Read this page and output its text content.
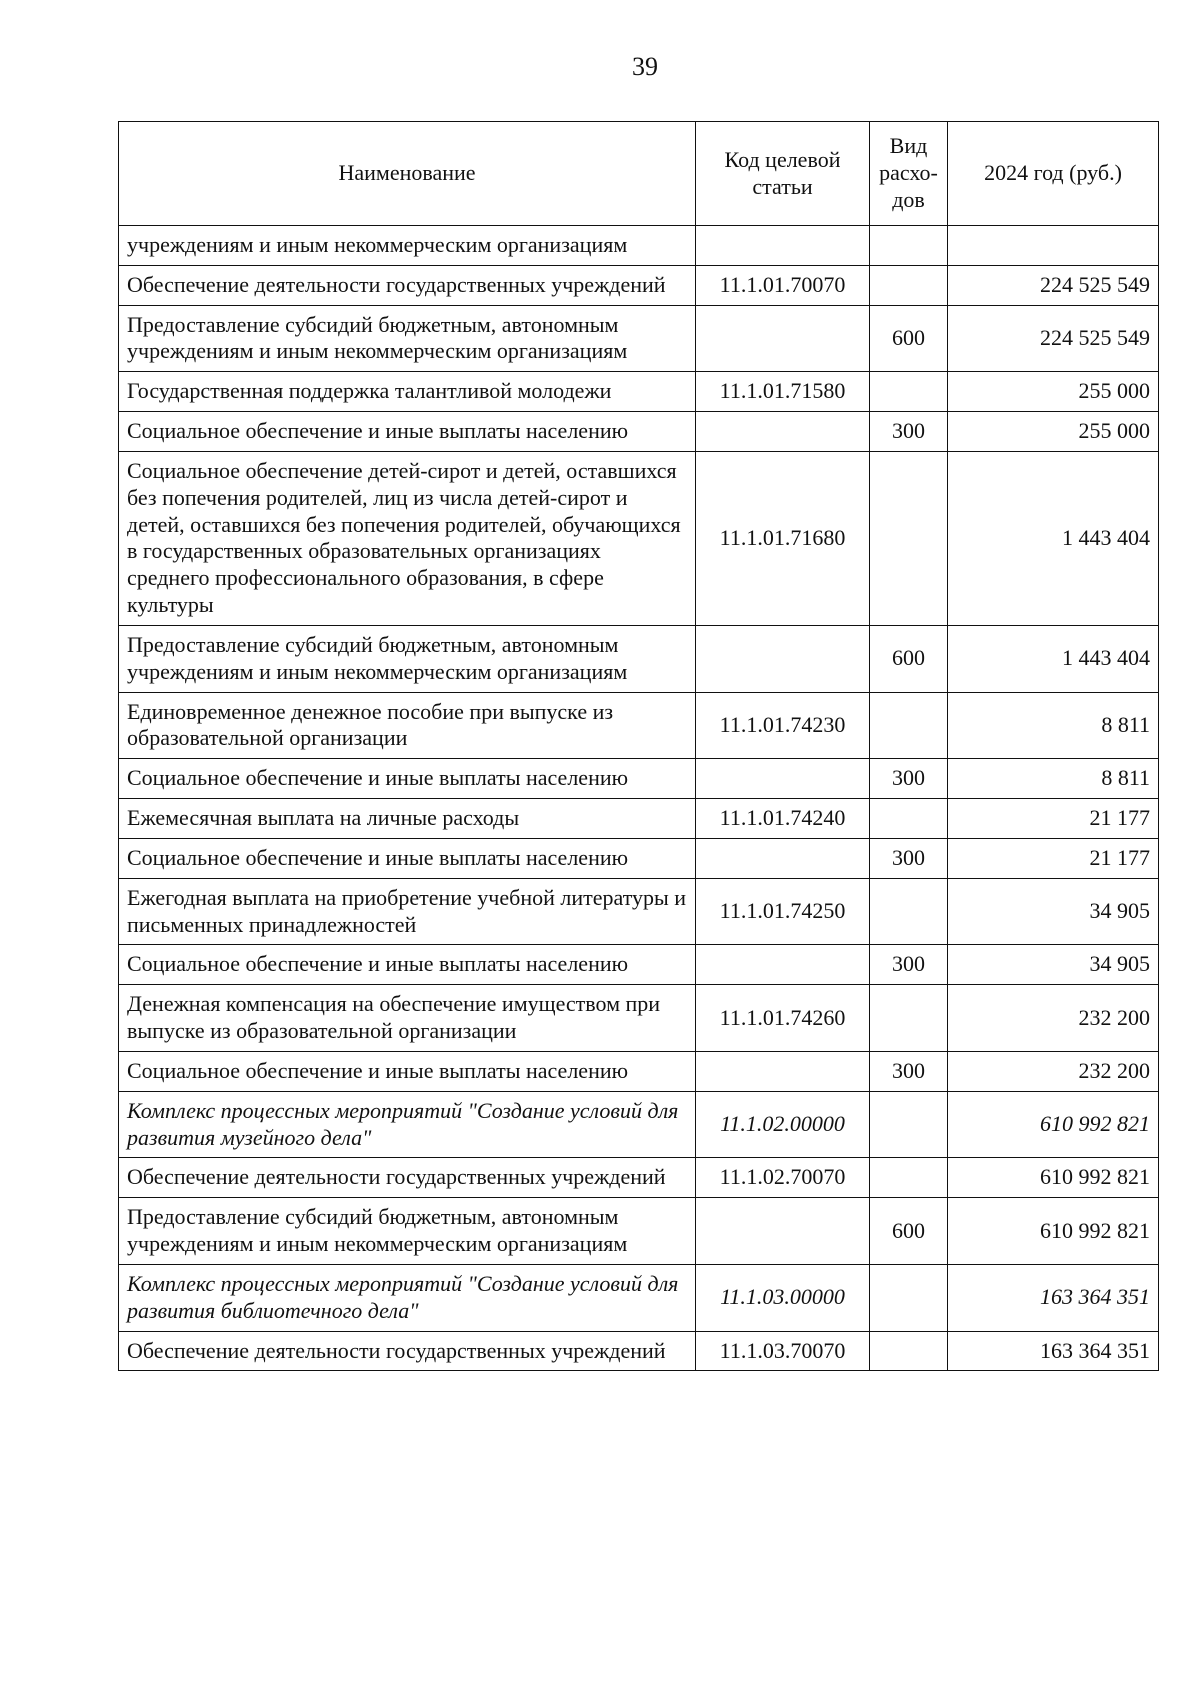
39
Наименование	Код целевой статьи	Вид расхо-дов	2024 год (руб.)
учреждениям и иным некоммерческим организациям			
Обеспечение деятельности государственных учреждений	11.1.01.70070		224 525 549
Предоставление субсидий бюджетным, автономным учреждениям и иным некоммерческим организациям		600	224 525 549
Государственная поддержка талантливой молодежи	11.1.01.71580		255 000
Социальное обеспечение и иные выплаты населению		300	255 000
Социальное обеспечение детей-сирот и детей, оставшихся без попечения родителей, лиц из числа детей-сирот и детей, оставшихся без попечения родителей, обучающихся в государственных образовательных организациях среднего профессионального образования, в сфере культуры	11.1.01.71680		1 443 404
Предоставление субсидий бюджетным, автономным учреждениям и иным некоммерческим организациям		600	1 443 404
Единовременное денежное пособие при выпуске из образовательной организации	11.1.01.74230		8 811
Социальное обеспечение и иные выплаты населению		300	8 811
Ежемесячная выплата на личные расходы	11.1.01.74240		21 177
Социальное обеспечение и иные выплаты населению		300	21 177
Ежегодная выплата на приобретение учебной литературы и письменных принадлежностей	11.1.01.74250		34 905
Социальное обеспечение и иные выплаты населению		300	34 905
Денежная компенсация на обеспечение имуществом при выпуске из образовательной организации	11.1.01.74260		232 200
Социальное обеспечение и иные выплаты населению		300	232 200
Комплекс процессных мероприятий "Создание условий для развития музейного дела"	11.1.02.00000		610 992 821
Обеспечение деятельности государственных учреждений	11.1.02.70070		610 992 821
Предоставление субсидий бюджетным, автономным учреждениям и иным некоммерческим организациям		600	610 992 821
Комплекс процессных мероприятий "Создание условий для развития библиотечного дела"	11.1.03.00000		163 364 351
Обеспечение деятельности государственных учреждений	11.1.03.70070		163 364 351
